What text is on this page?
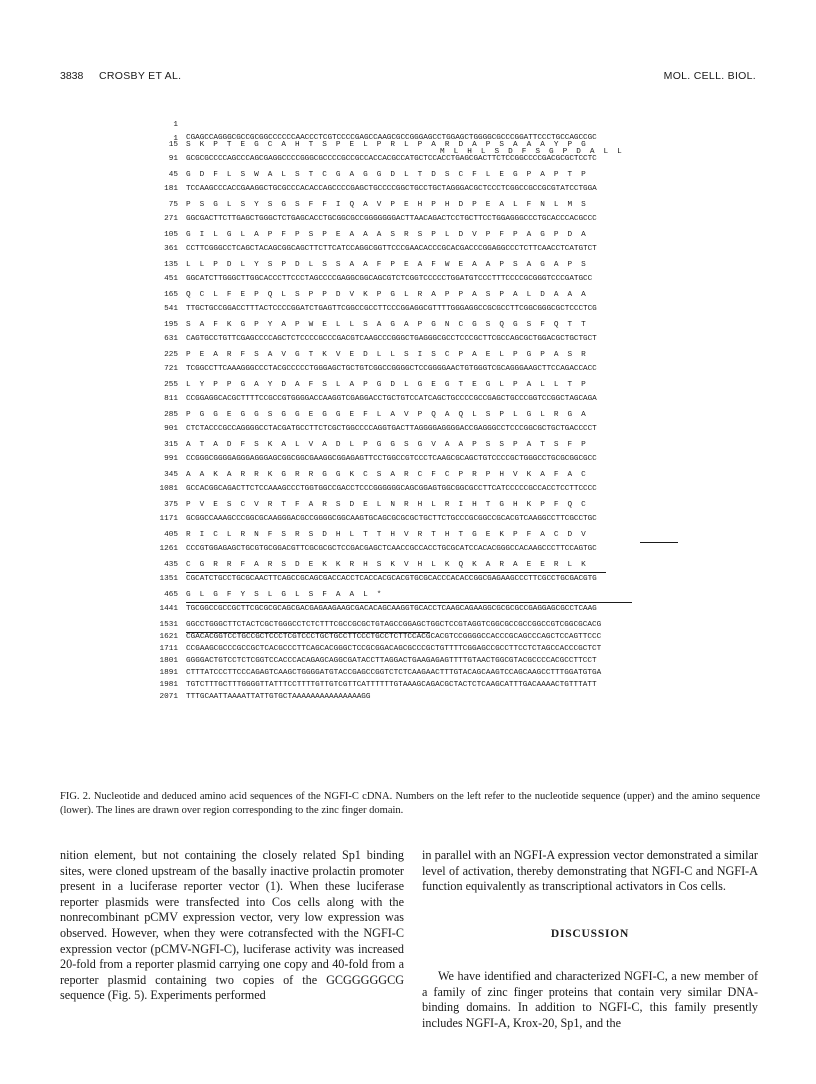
3838 CROSBY ET AL.	MOL. CELL. BIOL.

1

CGAGCCAGGGCGCCGCGGCCCCCCAACCCTCGTCCCCGAGCCAAGCGCCGGGAGCCTGGAGCTGGGGCGCCCGGATTCCCTGCCAGCCGC

1

M L H L S D F S G P D A L L

15 S K P T E G C A H T S P E L P R L P A R D A P S A A A Y P G
91 GCGCGCCCCAGCCCAGCGAGGCCCCGGGCGCCCCGCCGCCACCACGCCATGCTCCACCTGAGCGACTTCTCCGGCCCCGACGCGCTCCTC
45 G D F L S W A L S T C G A G G D L T D S C F L E G P A P T P
181 TCCAAGCCCACCGAAGGCTGCGCCCACACCAGCCCCGAGCTGCCCCGGCTGCCTGCTAGGGACGCTCCCTCGGCCGCCGCGTATCCTGGA
75 P S G L S Y S G S F F I Q A V P E H P H D P E A L F N L M S
271 GGCGACTTCTTGAGCTGGGCTCTGAGCACCTGCGGCGCCGGGGGGGACTTAACAGACTCCTGCTTCCTGGAGGGCCCTGCACCCACGCCC
105 G I L G L A P F P S P E A A A S R S P L D V P F P A G P D A
361 CCTTCGGGCCTCAGCTACAGCGGCAGCTTCTTCATCCAGGCGGTTCCCGAACACCCGCACGACCCGGAGGCCCTCTTCAACCTCATGTCT
135 L L P D L Y S P D L S S A A F P E A F W E A A P S A G A P S
451 GGCATCTTGGGCTTGGCACCCTTCCCTAGCCCCGAGGCGGCAGCGTCTCGGTCCCCCTGGATGTCCCTTTCCCCGCGGGTCCCGATGCC
165 Q C L F E P Q L S P P D V K P G L R A P P A S P A L D A A A
541 TTGCTGCCGGACCTTTACTCCCCGGATCTGAGTTCGGCCGCCTTCCCGGAGGCGTTTTGGGAGGCCGCGCCTTCGGCGGGCGCTCCCTCG
195 S A F K G P Y A P W E L L S A G A P G N C G S Q G S F Q T T
631 CAGTGCCTGTTCGAGCCCCAGCTCTCCCCGCCCGACGTCAAGCCCGGGCTGAGGGCGCCTCCCGCTTCGCCAGCGCTGGACGCTGCTGCT
225 P E A R F S A V G T K V E D L L S I S C P A E L P G P A S R
721 TCGGCCTTCAAAGGGCCCTACGCCCCCTGGGAGCTGCTGTCGGCCGGGGCTCCGGGGAACTGTGGGTCGCAGGGAAGCTTCCAGACCACC
255 L Y P P G A Y D A F S L A P G D L G E G T E G L P A L L T P
811 CCGGAGGCACGCTTTTCCGCCGTGGGGACCAAGGTCGAGGACCTGCTGTCCATCAGCTGCCCCGCCGAGCTGCCCGGTCCGGCTAGCAGA
285 P G G E G G S G G E G G E F L A V P Q A Q L S P L G L R G A
901 CTCTACCCGCCAGGGGCCTACGATGCCTTCTCGCTGGCCCCAGGTGACTTAGGGGAGGGGACCGAGGGCCTCCCGGCGCTGCTGACCCCT
315 A T A D F S K A L V A D L P G G S G V A A P S S P A T S F P
991 CCGGGCGGGGAGGGAGGGAGCGGCGGCGAAGGCGGAGAGTTCCTGGCCGTCCCTCAAGCGCAGCTGTCCCCGCTGGGCCTGCGCGGCGCC
345 A A K A R R K G R R G G K C S A R C F C P R P H V K A F A C
1081 GCCACGGCAGACTTCTCCAAAGCCCTGGTGGCCGACCTCCCGGGGGGCAGCGGAGTGGCGGCGCCTTCATCCCCCGCCACCTCCTTCCCC
375 P V E S C V R T F A R S D E L N R H L R I H T G H K P F Q C
1171 GCGGCCAAAGCCCGGCGCAAGGGACGCCGGGGCGGCAAGTGCAGCGCGCGCTGCTTCTGCCCGCGGCCGCACGTCAAGGCCTTCGCCTGC
405 R I C L R N F S R S D H L T T H V R T H T G E K P F A C D V
1261 CCCGTGGAGAGCTGCGTGCGGACGTTCGCGCGCTCCGACGAGCTCAACCGCCACCTGCGCATCCACACGGGCCACAAGCCCTTCCAGTGC
435 C G R R F A R S D E K K R H S K V H L K Q K A R A E E R L K
1351 CGCATCTGCCTGCGCAACTTCAGCCGCAGCGACCACCTCACCACGCACGTGCGCACCCACACCGGCGAGAAGCCCTTCGCCTGCGACGTG
465 G L G F Y S L G L S F A A L *
1441 TGCGGCCGCCGCTTCGCGCGCAGCGACGAGAAGAAGCGACACAGCAAGGTGCACCTCAAGCAGAAGGCGCGCGCCGAGGAGCGCCTCAAG
1531 GGCCTGGGCTTCTACTCGCTGGGCCTCTCTTTCGCCGCGCTGTAGCCGGAGCTGGCTCCGTAGGTCGGCGCCGCCGGCCGTCGGCGCACG
1621 CGACACGGTCCTGCCGCTCCCTCGTCCCTGCTGCCTTCCCTGCCTCTTCCACGCACGTCCGGGGCCACCCGCAGCCCAGCTCCAGTTCCC
1711 CCGAAGCGCCCGCCGCTCACGCCCTTCAGCACGGGCTCCGCGGACAGCGCCCGCTGTTTTCGGAGCCGCCTTCCTCTAGCCACCCGCTCT
1801 GGGGACTGTCCTCTCGGTCCACCCACAGAGCAGGCGATACCTTAGGACTGAAGAGAGTTTTGTAACTGGCGTACGCCCCACGCCTTCCT
1891 CTTTATCCCTTCCCAGAGTCAAGCTGGGGATGTACCGAGCCGGTCTCTCAAGAACTTTGTACAGCAAGTCCAGCAAGCCTTTGGATGTGA
1981 TGTCTTTGCTTTGGGGTTATTTCCTTTTGTTGTCGTTCATTTTTTGTAAAGCAGACGCTACTCTCAAGCATTTGACAAAACTGTTTATT
2071 TTTGCAATTAAAATTATTGTGCTAAAAAAAAAAAAAAAGG
FIG. 2. Nucleotide and deduced amino acid sequences of the NGFI-C cDNA. Numbers on the left refer to the nucleotide sequence (upper) and the amino sequence (lower). The lines are drawn over region corresponding to the zinc finger domain.

nition element, but not containing the closely related Sp1 binding sites, were cloned upstream of the basally inactive prolactin promoter present in a luciferase reporter vector (1). When these luciferase reporter plasmids were transfected into Cos cells along with the nonrecombinant pCMV expression vector, very low expression was observed. However, when they were cotransfected with the NGFI-C expression vector (pCMV-NGFI-C), luciferase activity was increased 20-fold from a reporter plasmid carrying one copy and 40-fold from a reporter plasmid containing two copies of the GCGGGGGCG sequence (Fig. 5). Experiments performed

in parallel with an NGFI-A expression vector demonstrated a similar level of activation, thereby demonstrating that NGFI-C and NGFI-A function equivalently as transcriptional activators in Cos cells.

DISCUSSION

We have identified and characterized NGFI-C, a new member of a family of zinc finger proteins that contain very similar DNA-binding domains. In addition to NGFI-C, this family presently includes NGFI-A, Krox-20, Sp1, and the
